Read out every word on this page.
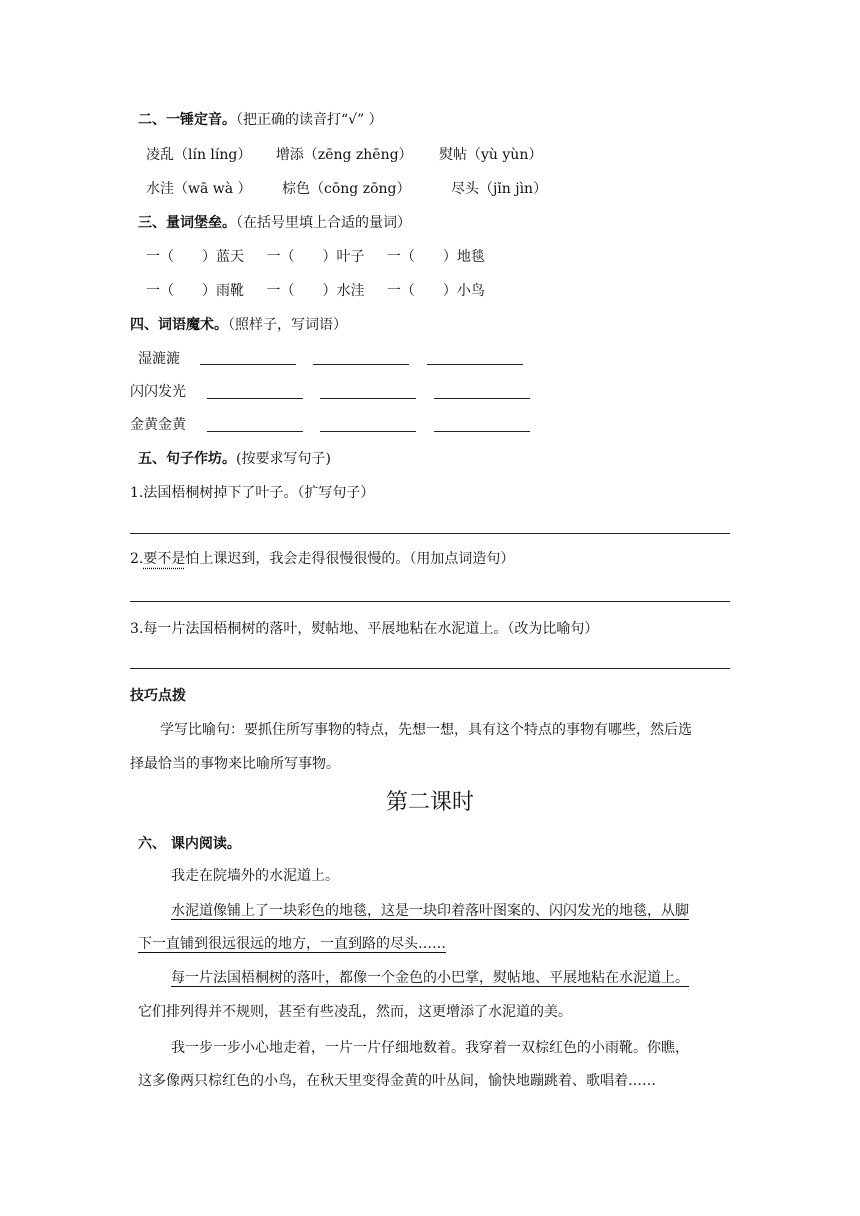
二、一锤定音。（把正确的读音打“√” ）
凌乱（lín líng） 增添（zēng zhēng） 熨帖（yù yùn）
水洼（wā wà ） 棕色（cōng zōng）	尽头（jǐn jìn）
三、量词堡垒。（在括号里填上合适的量词）
一（　　）蓝天 一（　　）叶子 一（　　）地毯
一（　　）雨靴 一（　　）水洼 一（　　）小鸟
四、词语魔术。（照样子，写词语）
湿漉漉
闪闪发光
金黄金黄
五、句子作坊。(按要求写句子)
1.法国梧桐树掉下了叶子。（扩写句子）
2.要不是怕上课迟到，我会走得很慢很慢的。（用加点词造句）
3.每一片法国梧桐树的落叶，熨帖地、平展地粘在水泥道上。（改为比喻句）
技巧点拨
学写比喻句：要抓住所写事物的特点，先想一想，具有这个特点的事物有哪些，然后选
择最恰当的事物来比喻所写事物。
第二课时
六、 课内阅读。
我走在院墙外的水泥道上。
水泥道像铺上了一块彩色的地毯，这是一块印着落叶图案的、闪闪发光的地毯，从脚
下一直铺到很远很远的地方，一直到路的尽头……
每一片法国梧桐树的落叶，都像一个金色的小巴掌，熨帖地、平展地粘在水泥道上。
它们排列得并不规则，甚至有些凌乱，然而，这更增添了水泥道的美。
我一步一步小心地走着，一片一片仔细地数着。我穿着一双棕红色的小雨靴。你瞧，
这多像两只棕红色的小鸟，在秋天里变得金黄的叶丛间，愉快地蹦跳着、歌唱着……
